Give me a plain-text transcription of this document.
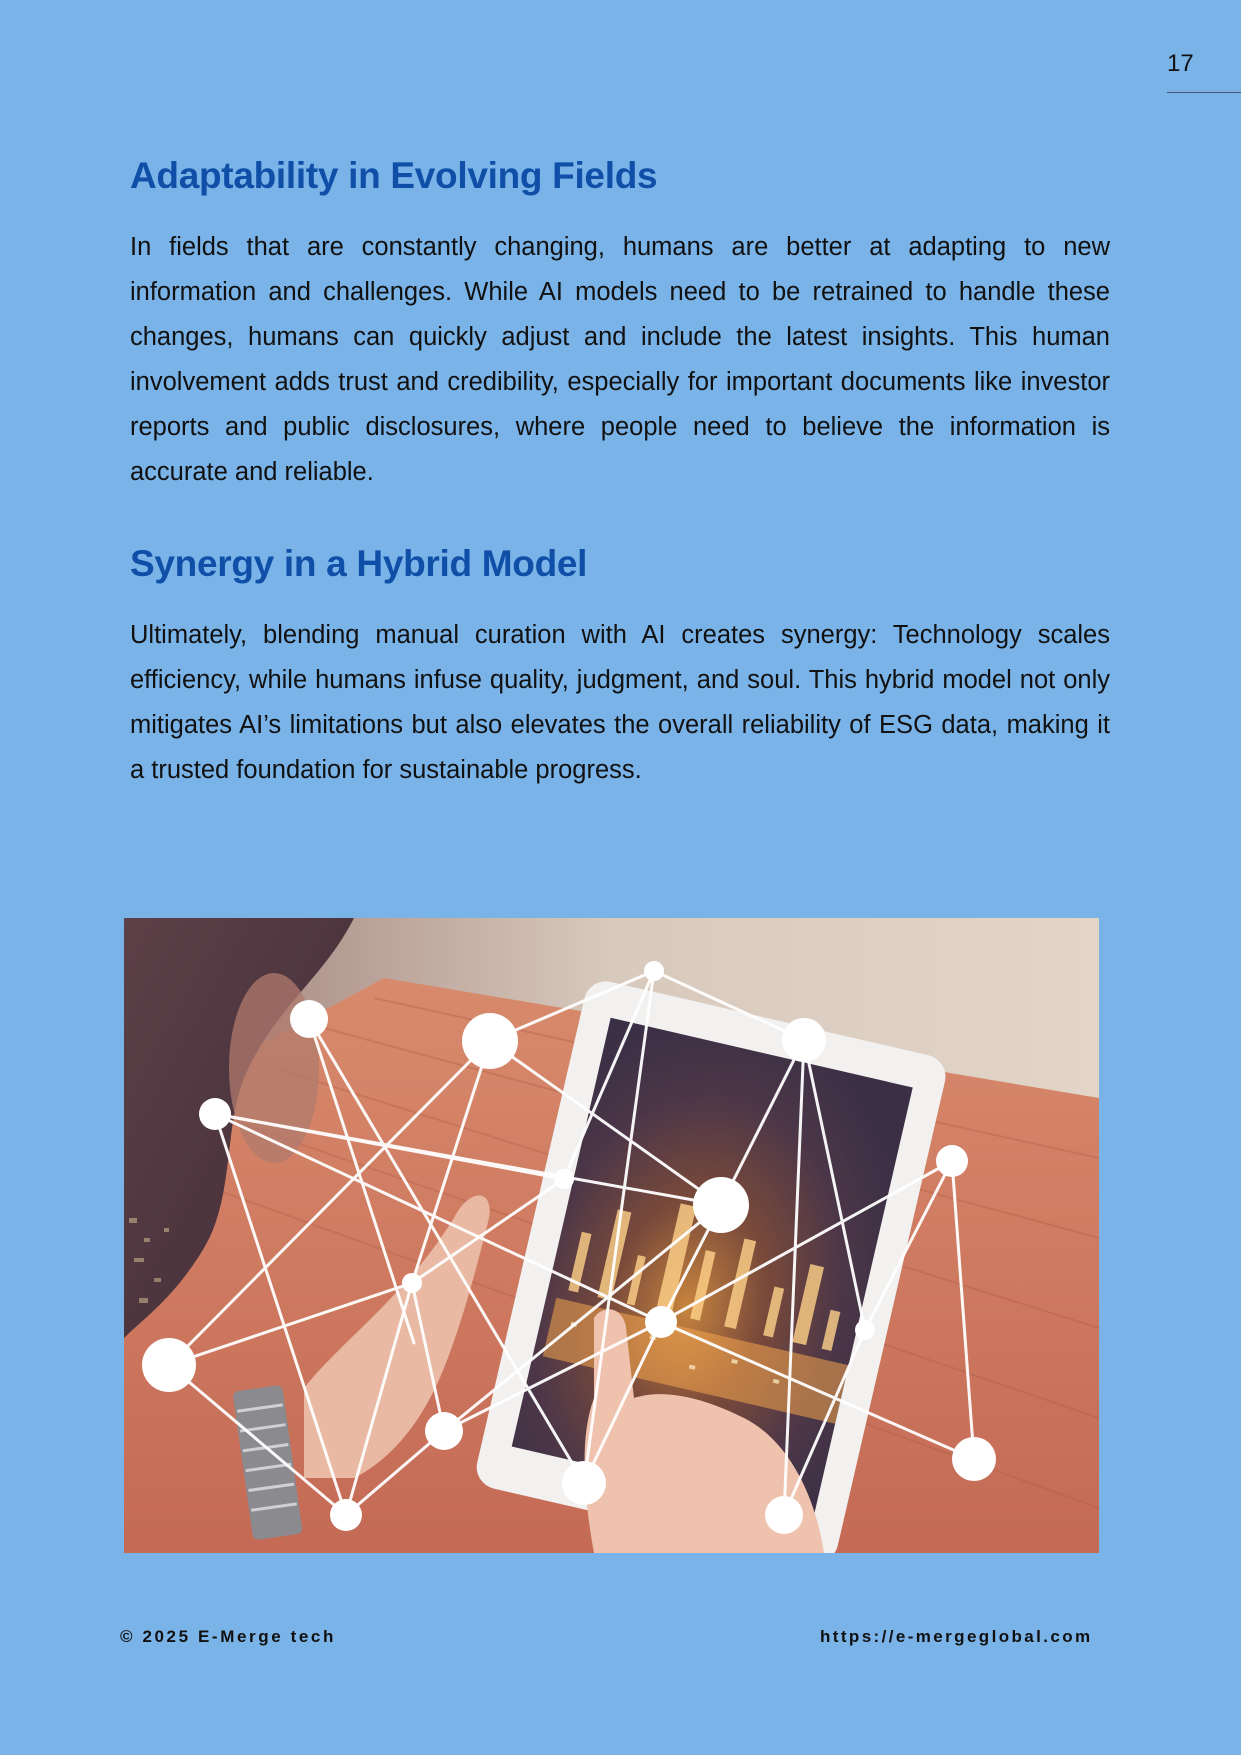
17
Adaptability in Evolving Fields

In fields that are constantly changing, humans are better at adapting to new information and challenges. While AI models need to be retrained to handle these changes, humans can quickly adjust and include the latest insights. This human involvement adds trust and credibility, especially for important documents like investor reports and public disclosures, where people need to believe the information is accurate and reliable.

Synergy in a Hybrid Model

Ultimately, blending manual curation with AI creates synergy: Technology scales efficiency, while humans infuse quality, judgment, and soul. This hybrid model not only mitigates AI’s limitations but also elevates the overall reliability of ESG data, making it a trusted foundation for sustainable progress.

© 2025 E-Merge tech	https://e-mergeglobal.com
